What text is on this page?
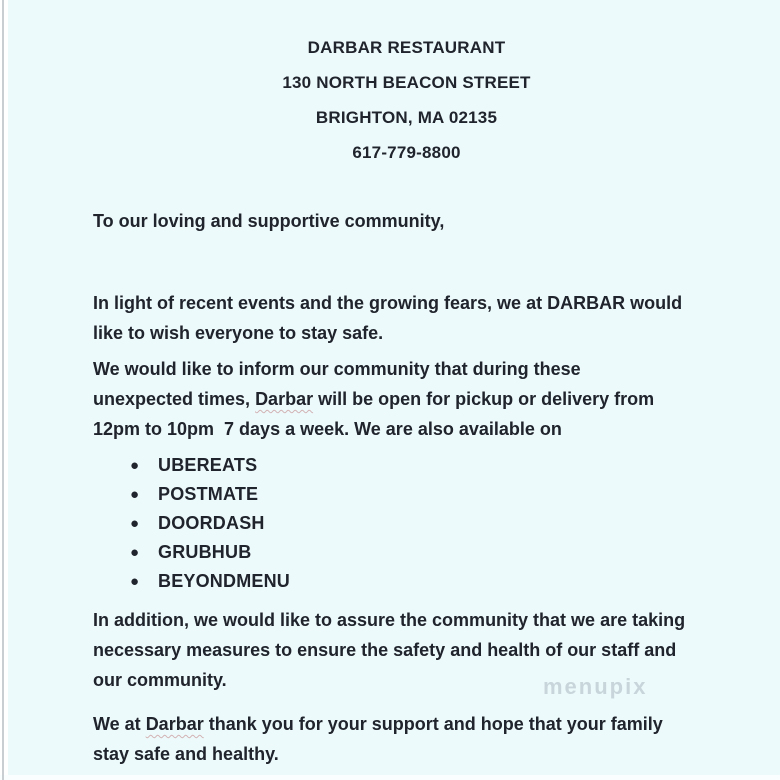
menupix
DARBAR RESTAURANT
130 NORTH BEACON STREET
BRIGHTON, MA 02135
617-779-8800

To our loving and supportive community,

In light of recent events and the growing fears, we at DARBAR would
like to wish everyone to stay safe.

We would like to inform our community that during these
unexpected times, Darbar will be open for pickup or delivery from
12pm to 10pm  7 days a week. We are also available on

● UBEREATS
● POSTMATE
● DOORDASH
● GRUBHUB
● BEYONDMENU

In addition, we would like to assure the community that we are taking
necessary measures to ensure the safety and health of our staff and
our community.

We at Darbar thank you for your support and hope that your family
stay safe and healthy.
